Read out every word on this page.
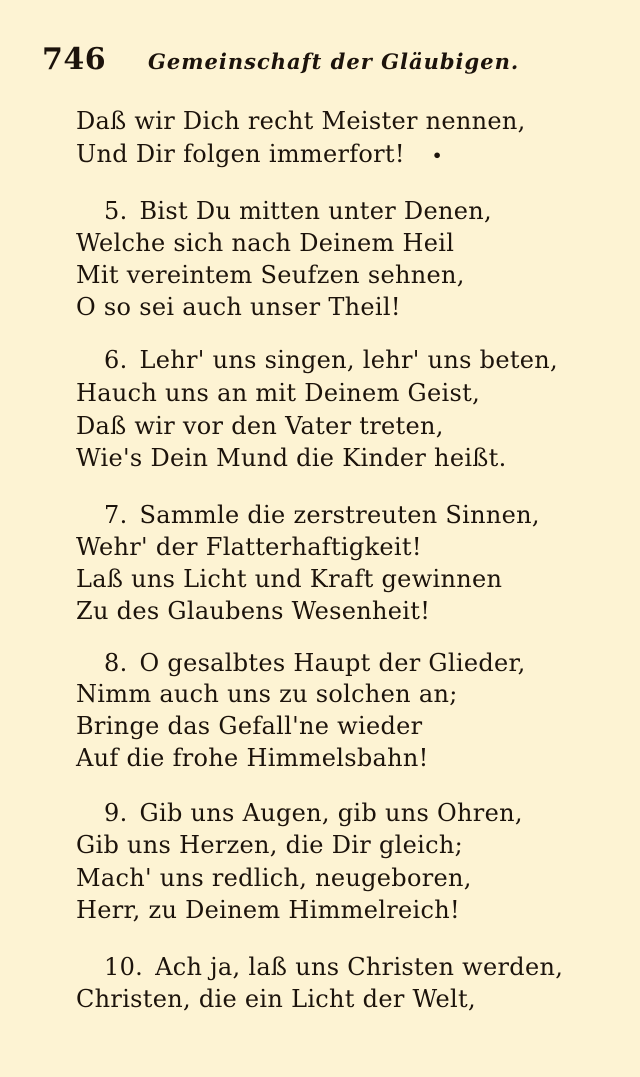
746 Gemeinschaft der Gläubigen.
Daß wir Dich recht Meister nennen,
Und Dir folgen immerfort! •
5. Bist Du mitten unter Denen,
Welche sich nach Deinem Heil
Mit vereintem Seufzen sehnen,
O so sei auch unser Theil!
6. Lehr' uns singen, lehr' uns beten,
Hauch uns an mit Deinem Geist,
Daß wir vor den Vater treten,
Wie's Dein Mund die Kinder heißt.
7. Sammle die zerstreuten Sinnen,
Wehr' der Flatterhaftigkeit!
Laß uns Licht und Kraft gewinnen
Zu des Glaubens Wesenheit!
8. O gesalbtes Haupt der Glieder,
Nimm auch uns zu solchen an;
Bringe das Gefall'ne wieder
Auf die frohe Himmelsbahn!
9. Gib uns Augen, gib uns Ohren,
Gib uns Herzen, die Dir gleich;
Mach' uns redlich, neugeboren,
Herr, zu Deinem Himmelreich!
10. Ach ja, laß uns Christen werden,
Christen, die ein Licht der Welt,
